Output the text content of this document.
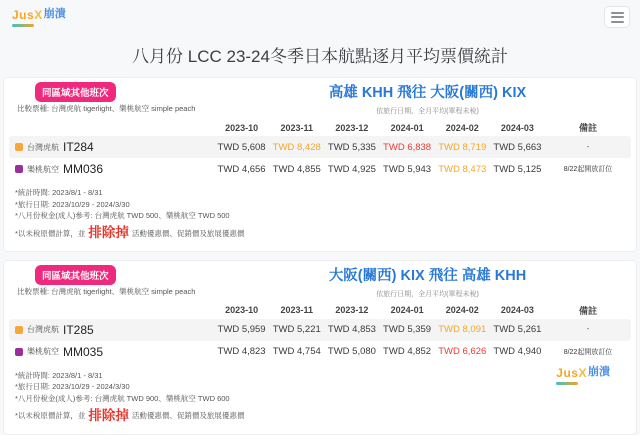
JusX 崩潰
八月份 LCC 23-24冬季日本航點逐月平均票價統計
同區域其他班次
比較票種: 台灣虎航 tigerlight、樂桃航空 simple peach
高雄 KHH 飛往 大阪(關西) KIX
依旅行日期，全月平均(單程未稅)
2023-10	2023-11	2023-12	2024-01	2024-02	2024-03	備註
台灣虎航 IT284	TWD 5,608 TWD 8,428 TWD 5,335 TWD 6,838 TWD 8,719 TWD 5,663	-
樂桃航空 MM036	TWD 4,656 TWD 4,855 TWD 4,925 TWD 5,943 TWD 8,473 TWD 5,125	8/22起開放訂位
*統計時間: 2023/8/1 - 8/31
*旅行日期: 2023/10/29 - 2024/3/30
*八月份稅金(成人)參考: 台灣虎航 TWD 500、樂桃航空 TWD 500
*以未稅原價計算，並 排除掉 活動優惠價、促銷價及旅展優惠價
同區域其他班次
比較票種: 台灣虎航 tigerlight、樂桃航空 simple peach
大阪(關西) KIX 飛往 高雄 KHH
依旅行日期，全月平均(單程未稅)
2023-10	2023-11	2023-12	2024-01	2024-02	2024-03	備註
台灣虎航 IT285	TWD 5,959 TWD 5,221 TWD 4,853 TWD 5,359 TWD 8,091 TWD 5,261	-
樂桃航空 MM035	TWD 4,823 TWD 4,754 TWD 5,080 TWD 4,852 TWD 6,626 TWD 4,940	8/22起開放訂位
*統計時間: 2023/8/1 - 8/31
*旅行日期: 2023/10/29 - 2024/3/30
*八月份稅金(成人)參考: 台灣虎航 TWD 900、樂桃航空 TWD 600
*以未稅原價計算，並 排除掉 活動優惠價、促銷價及旅展優惠價
JusX 崩潰
